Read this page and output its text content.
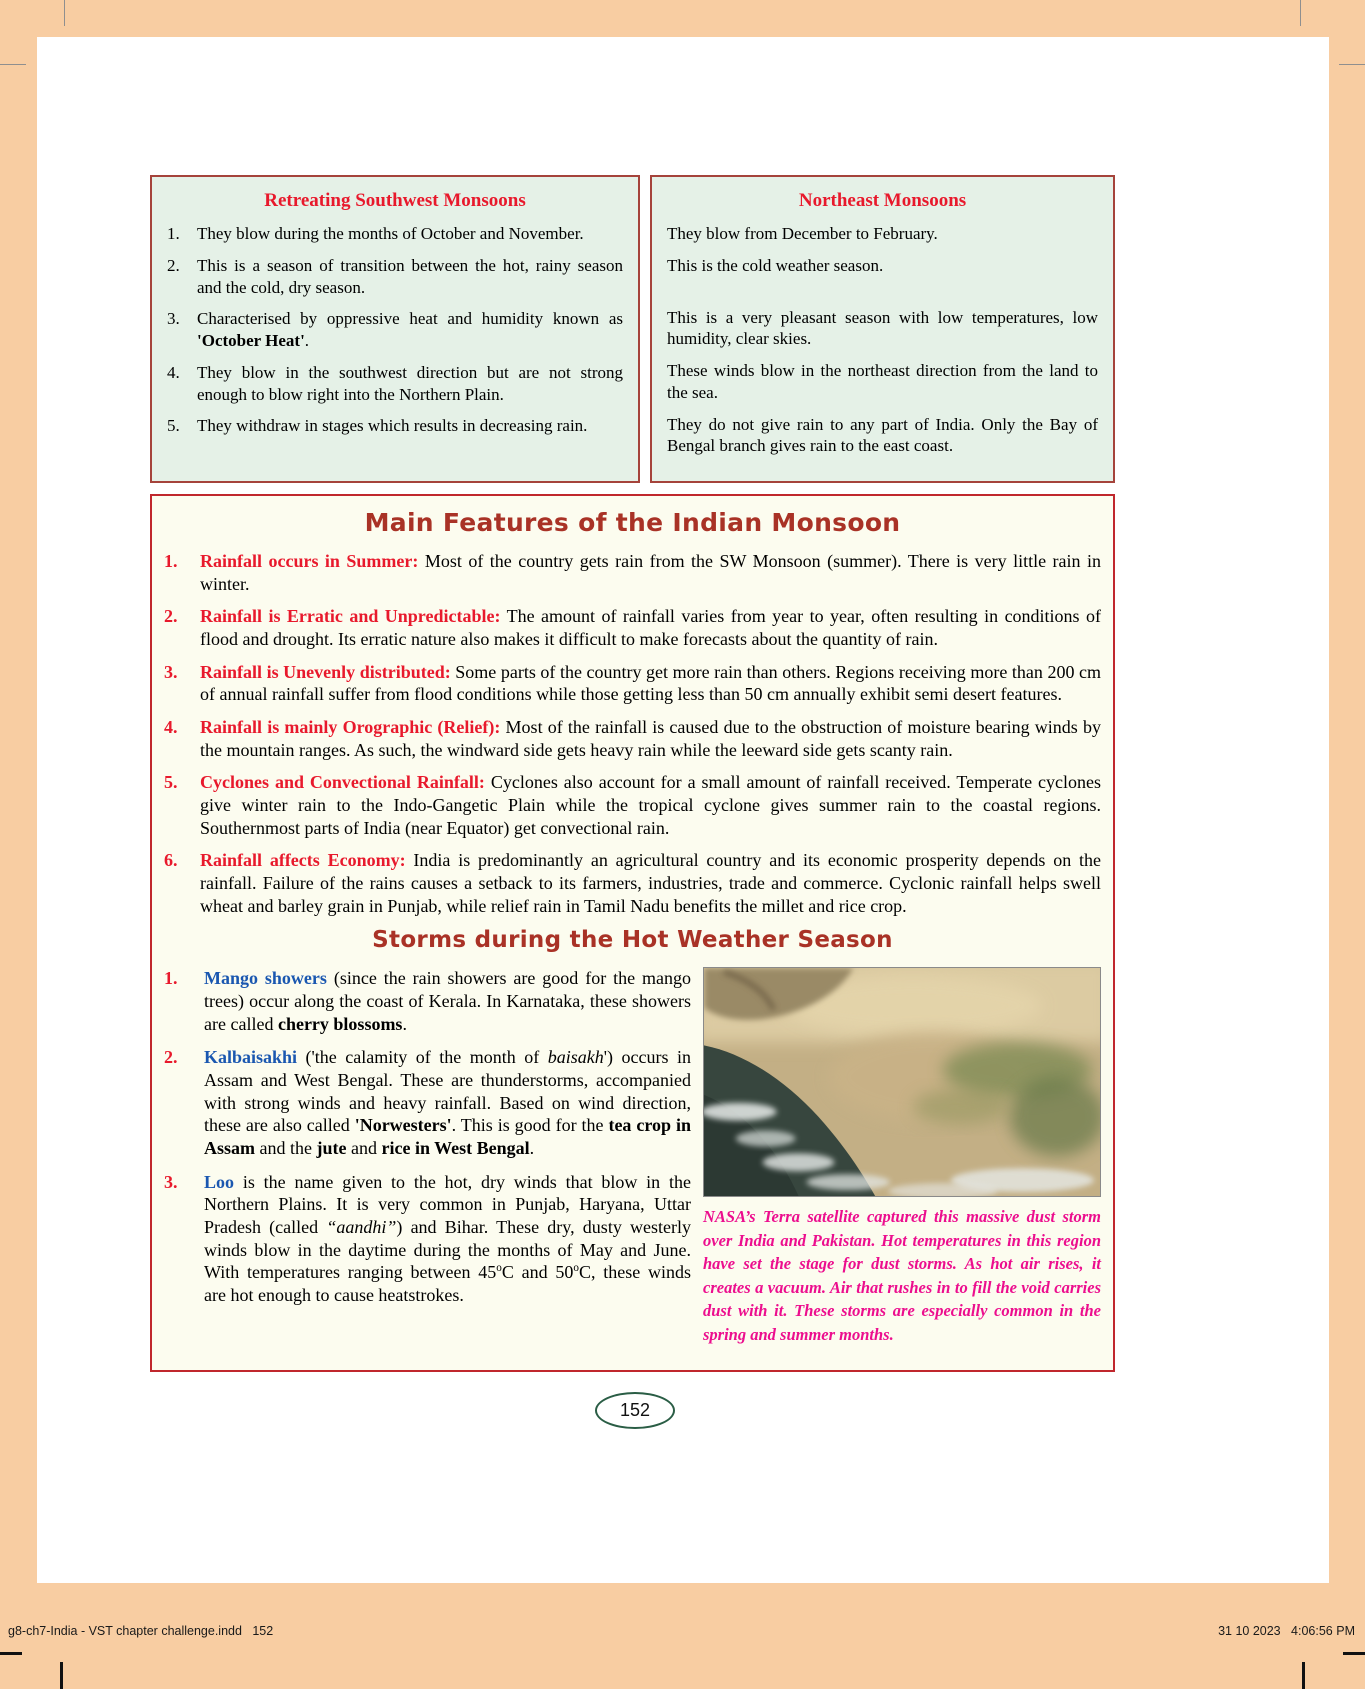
Retreating Southwest Monsoons
1.	They blow during the months of October and November.
2.	This is a season of transition between the hot, rainy season and the cold, dry season.
3.	Characterised by oppressive heat and humidity known as 'October Heat'.
4.	They blow in the southwest direction but are not strong enough to blow right into the Northern Plain.
5.	They withdraw in stages which results in decreasing rain.
Northeast Monsoons
They blow from December to February.
This is the cold weather season.
This is a very pleasant season with low temperatures, low humidity, clear skies.
These winds blow in the northeast direction from the land to the sea.
They do not give rain to any part of India. Only the Bay of Bengal branch gives rain to the east coast.
Main Features of the Indian Monsoon
1.	Rainfall occurs in Summer: Most of the country gets rain from the SW Monsoon (summer). There is very little rain in winter.
2.	Rainfall is Erratic and Unpredictable: The amount of rainfall varies from year to year, often resulting in conditions of flood and drought. Its erratic nature also makes it difficult to make forecasts about the quantity of rain.
3.	Rainfall is Unevenly distributed: Some parts of the country get more rain than others. Regions receiving more than 200 cm of annual rainfall suffer from flood conditions while those getting less than 50 cm annually exhibit semi desert features.
4.	Rainfall is mainly Orographic (Relief): Most of the rainfall is caused due to the obstruction of moisture bearing winds by the mountain ranges. As such, the windward side gets heavy rain while the leeward side gets scanty rain.
5.	Cyclones and Convectional Rainfall: Cyclones also account for a small amount of rainfall received. Temperate cyclones give winter rain to the Indo-Gangetic Plain while the tropical cyclone gives summer rain to the coastal regions. Southernmost parts of India (near Equator) get convectional rain.
6.	Rainfall affects Economy: India is predominantly an agricultural country and its economic prosperity depends on the rainfall. Failure of the rains causes a setback to its farmers, industries, trade and commerce. Cyclonic rainfall helps swell wheat and barley grain in Punjab, while relief rain in Tamil Nadu benefits the millet and rice crop.
Storms during the Hot Weather Season
1.	Mango showers (since the rain showers are good for the mango trees) occur along the coast of Kerala. In Karnataka, these showers are called cherry blossoms.
2.	Kalbaisakhi ('the calamity of the month of baisakh') occurs in Assam and West Bengal. These are thunderstorms, accompanied with strong winds and heavy rainfall. Based on wind direction, these are also called 'Norwesters'. This is good for the tea crop in Assam and the jute and rice in West Bengal.
3.	Loo is the name given to the hot, dry winds that blow in the Northern Plains. It is very common in Punjab, Haryana, Uttar Pradesh (called “aandhi”) and Bihar. These dry, dusty westerly winds blow in the daytime during the months of May and June. With temperatures ranging between 45$^o$C and 50$^o$C, these winds are hot enough to cause heatstrokes.
NASA’s Terra satellite captured this massive dust storm over India and Pakistan. Hot temperatures in this region have set the stage for dust storms. As hot air rises, it creates a vacuum. Air that rushes in to fill the void carries dust with it. These storms are especially common in the spring and summer months.
152
g8-ch7-India - VST chapter challenge.indd   152	31 10 2023   4:06:56 PM
